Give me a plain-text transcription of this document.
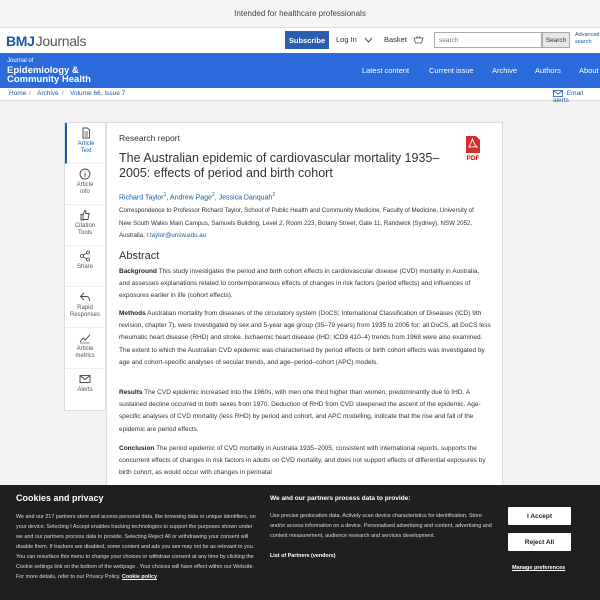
Intended for healthcare professionals
BMJ Journals	Subscribe	Log In	Basket
search	Search
Advanced
search
Journal of
Epidemiology &
Community Health
Latest content	Current issue Archive Authors About
Home / Archive / Volume 66, Issue 7	Email alerts
Article
Text
Article
info
Citation
Tools
Share
Rapid
Responses
Article
metrics
Alerts
Research report
The Australian epidemic of cardiovascular mortality 1935–2005: effects of period and birth cohort
PDF
Richard Taylor$^1$, Andrew Page$^2$, Jessica Danquah$^2$
Correspondence to Professor Richard Taylor, School of Public Health and Community Medicine, Faculty of Medicine, University of New South Wales Main Campus, Samuels Building, Level 2, Room 223, Botany Street, Gate 11, Randwick (Sydney), NSW 2052, Australia; r.taylor@unsw.edu.au
Abstract
Background This study investigates the period and birth cohort effects in cardiovascular disease (CVD) mortality in Australia, and assesses explanations related to contemporaneous effects of changes in risk factors (period effects) and influences of exposures earlier in life (cohort effects).
Methods Australian mortality from diseases of the circulatory system (DoCS; International Classification of Diseases (ICD) 9th revision, chapter 7), were investigated by sex and 5-year age group (35–79 years) from 1935 to 2005 for: all DoCS, all DoCS less rheumatic heart disease (RHD) and stroke. Ischaemic heart disease (IHD; ICD9 410–4) trends from 1968 were also examined. The extent to which the Australian CVD epidemic was characterised by period effects or birth cohort effects was investigated by age and cohort-specific analyses of secular trends, and age–period–cohort (APC) models.
Results The CVD epidemic increased into the 1960s, with men one third higher than women, predominantly due to IHD. A sustained decline occurred in both sexes from 1970. Deduction of RHD from CVD steepened the ascent of the epidemic. Age-specific analyses of CVD mortality (less RHD) by period and cohort, and APC modelling, indicate that the rise and fall of the epidemic are period effects.
Conclusion The period epidemic of CVD mortality in Australia 1935–2005, consistent with international reports, supports the concurrent effects of changes in risk factors in adults on CVD mortality, and does not support effects of differential exposures by birth cohort, as would occur with changes in perinatal
Cookies and privacy
We and our 217 partners store and access personal data, like browsing data or unique identifiers, on your device. Selecting I Accept enables tracking technologies to support the purposes shown under we and our partners process data to provide. Selecting Reject All or withdrawing your consent will disable them. If trackers are disabled, some content and ads you see may not be as relevant to you. You can resurface this menu to change your choices or withdraw consent at any time by clicking the Cookie settings link on the bottom of the webpage . Your choices will have effect within our Website. For more details, refer to our Privacy Policy. Cookie policy
We and our partners process data to provide:
Use precise geolocation data. Actively scan device characteristics for identification. Store and/or access information on a device. Personalised advertising and content, advertising and content measurement, audience research and services development.
List of Partners (vendors)
I Accept
Reject All
Manage preferences
